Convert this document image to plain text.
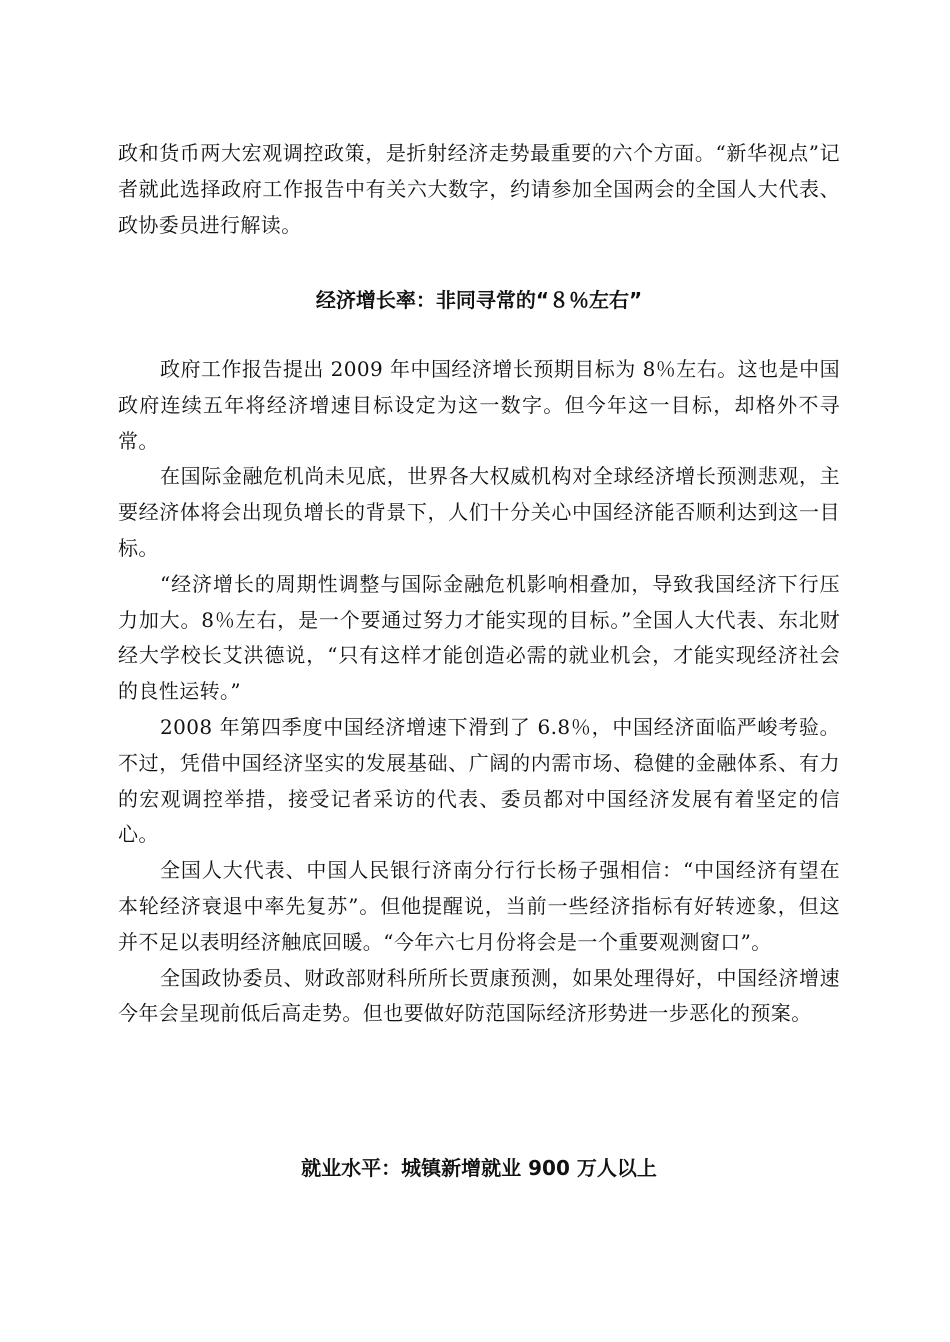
政和货币两大宏观调控政策，是折射经济走势最重要的六个方面。“新华视点”记者就此选择政府工作报告中有关六大数字，约请参加全国两会的全国人大代表、政协委员进行解读。

经济增长率：非同寻常的“８％左右”

政府工作报告提出 2009 年中国经济增长预期目标为 8％左右。这也是中国政府连续五年将经济增速目标设定为这一数字。但今年这一目标，却格外不寻常。

在国际金融危机尚未见底，世界各大权威机构对全球经济增长预测悲观，主要经济体将会出现负增长的背景下，人们十分关心中国经济能否顺利达到这一目标。

“经济增长的周期性调整与国际金融危机影响相叠加，导致我国经济下行压力加大。8％左右，是一个要通过努力才能实现的目标。”全国人大代表、东北财经大学校长艾洪德说，“只有这样才能创造必需的就业机会，才能实现经济社会的良性运转。”

2008 年第四季度中国经济增速下滑到了 6.8％，中国经济面临严峻考验。不过，凭借中国经济坚实的发展基础、广阔的内需市场、稳健的金融体系、有力的宏观调控举措，接受记者采访的代表、委员都对中国经济发展有着坚定的信心。

全国人大代表、中国人民银行济南分行行长杨子强相信：“中国经济有望在本轮经济衰退中率先复苏”。但他提醒说，当前一些经济指标有好转迹象，但这并不足以表明经济触底回暖。“今年六七月份将会是一个重要观测窗口”。

全国政协委员、财政部财科所所长贾康预测，如果处理得好，中国经济增速今年会呈现前低后高走势。但也要做好防范国际经济形势进一步恶化的预案。

就业水平：城镇新增就业 900 万人以上
